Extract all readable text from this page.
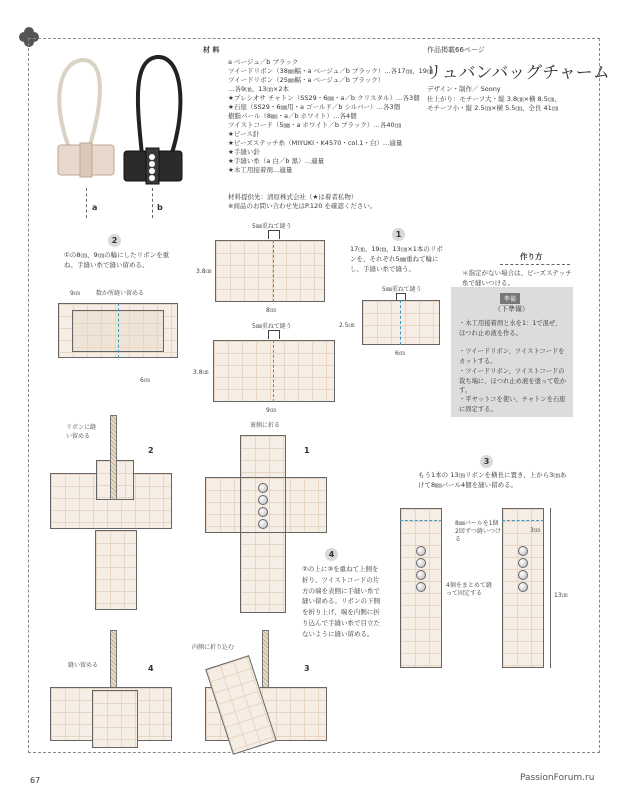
a	b
材 料
a ベージュ／b ブラック
ツイードリボン（38㎜幅・a ベージュ／b ブラック）…各17㎝、19㎝
ツイードリボン（25㎜幅・a ベージュ／b ブラック）
…各9㎝、13㎝×2本
★プレシオサ チャトン（SS29・6㎜・a／b クリスタル）…各3個
★石座（SS29・6㎜用・a ゴールド／b シルバー）…各3個
樹脂パール（8㎜・a／b ホワイト）…各4個
ツイストコード（5㎜・a ホワイト／b ブラック）…各40㎝
★ピース針
★ビーズステッチ糸（MIYUKI・K4570・col.1・白）…適量
★手縫い針
★手縫い糸（a 白／b 黒）…適量
★木工用接着剤…適量
材料提供先：清原株式会社（★は着者私物）
※商品のお問い合わせ先はP.120 を確認ください。
作品掲載66ページ
リュバンバッグチャーム
デザイン・制作／ Soony
仕上がり：モチーフ大・縦 3.8㎝×横 8.5㎝、
モチーフ小・縦 2.5㎝×横 5.5㎝、全長 41㎝
作り方
＊指定がない場合は、ビーズステッチ糸で縫いつける。
準備
（下準備）
・木工用接着剤と水を1：1で混ぜ、ほつれ止め液を作る。
・ツイードリボン、ツイストコードをカットする。
・ツイードリボン、ツイストコードの裁ち端に、ほつれ止め液を塗って乾かす。
・平ヤットコを使い、チャトンを石座に固定する。
1
17㎝、19㎝、13㎝×1本のリボンを、それぞれ5㎜重ねて輪にし、手縫い糸で縫う。
2
①の8㎝、9㎝の輪にしたリボンを重ね、手縫い糸で縫い留める。
5㎜重ねて縫う
3.8㎝
8㎝
5㎜重ねて縫う
3.8㎝
9㎝
5㎜重ねて縫う
2.5㎝
6㎝
9㎝	数か所縫い留める
6㎝
2
リボンに縫い留める
1
裏側に折る
4
②の上に③を重ねて上側を折り、ツイストコードの片方の端を表側に手縫い糸で縫い留める。リボンの下側を折り上げ、端を内側に折り込んで手縫い糸で目立たないように縫い留める。
4
縫い留める	3
内側に折り込む
3
もう1本の 13㎝リボンを横長に置き、上から3㎝あけて8㎜パール4個を縫い留める。
4個をまとめて縫って固定する
8㎜パールを1個2回ずつ縫いつける
3㎝
13㎝
67	PassionForum.ru
